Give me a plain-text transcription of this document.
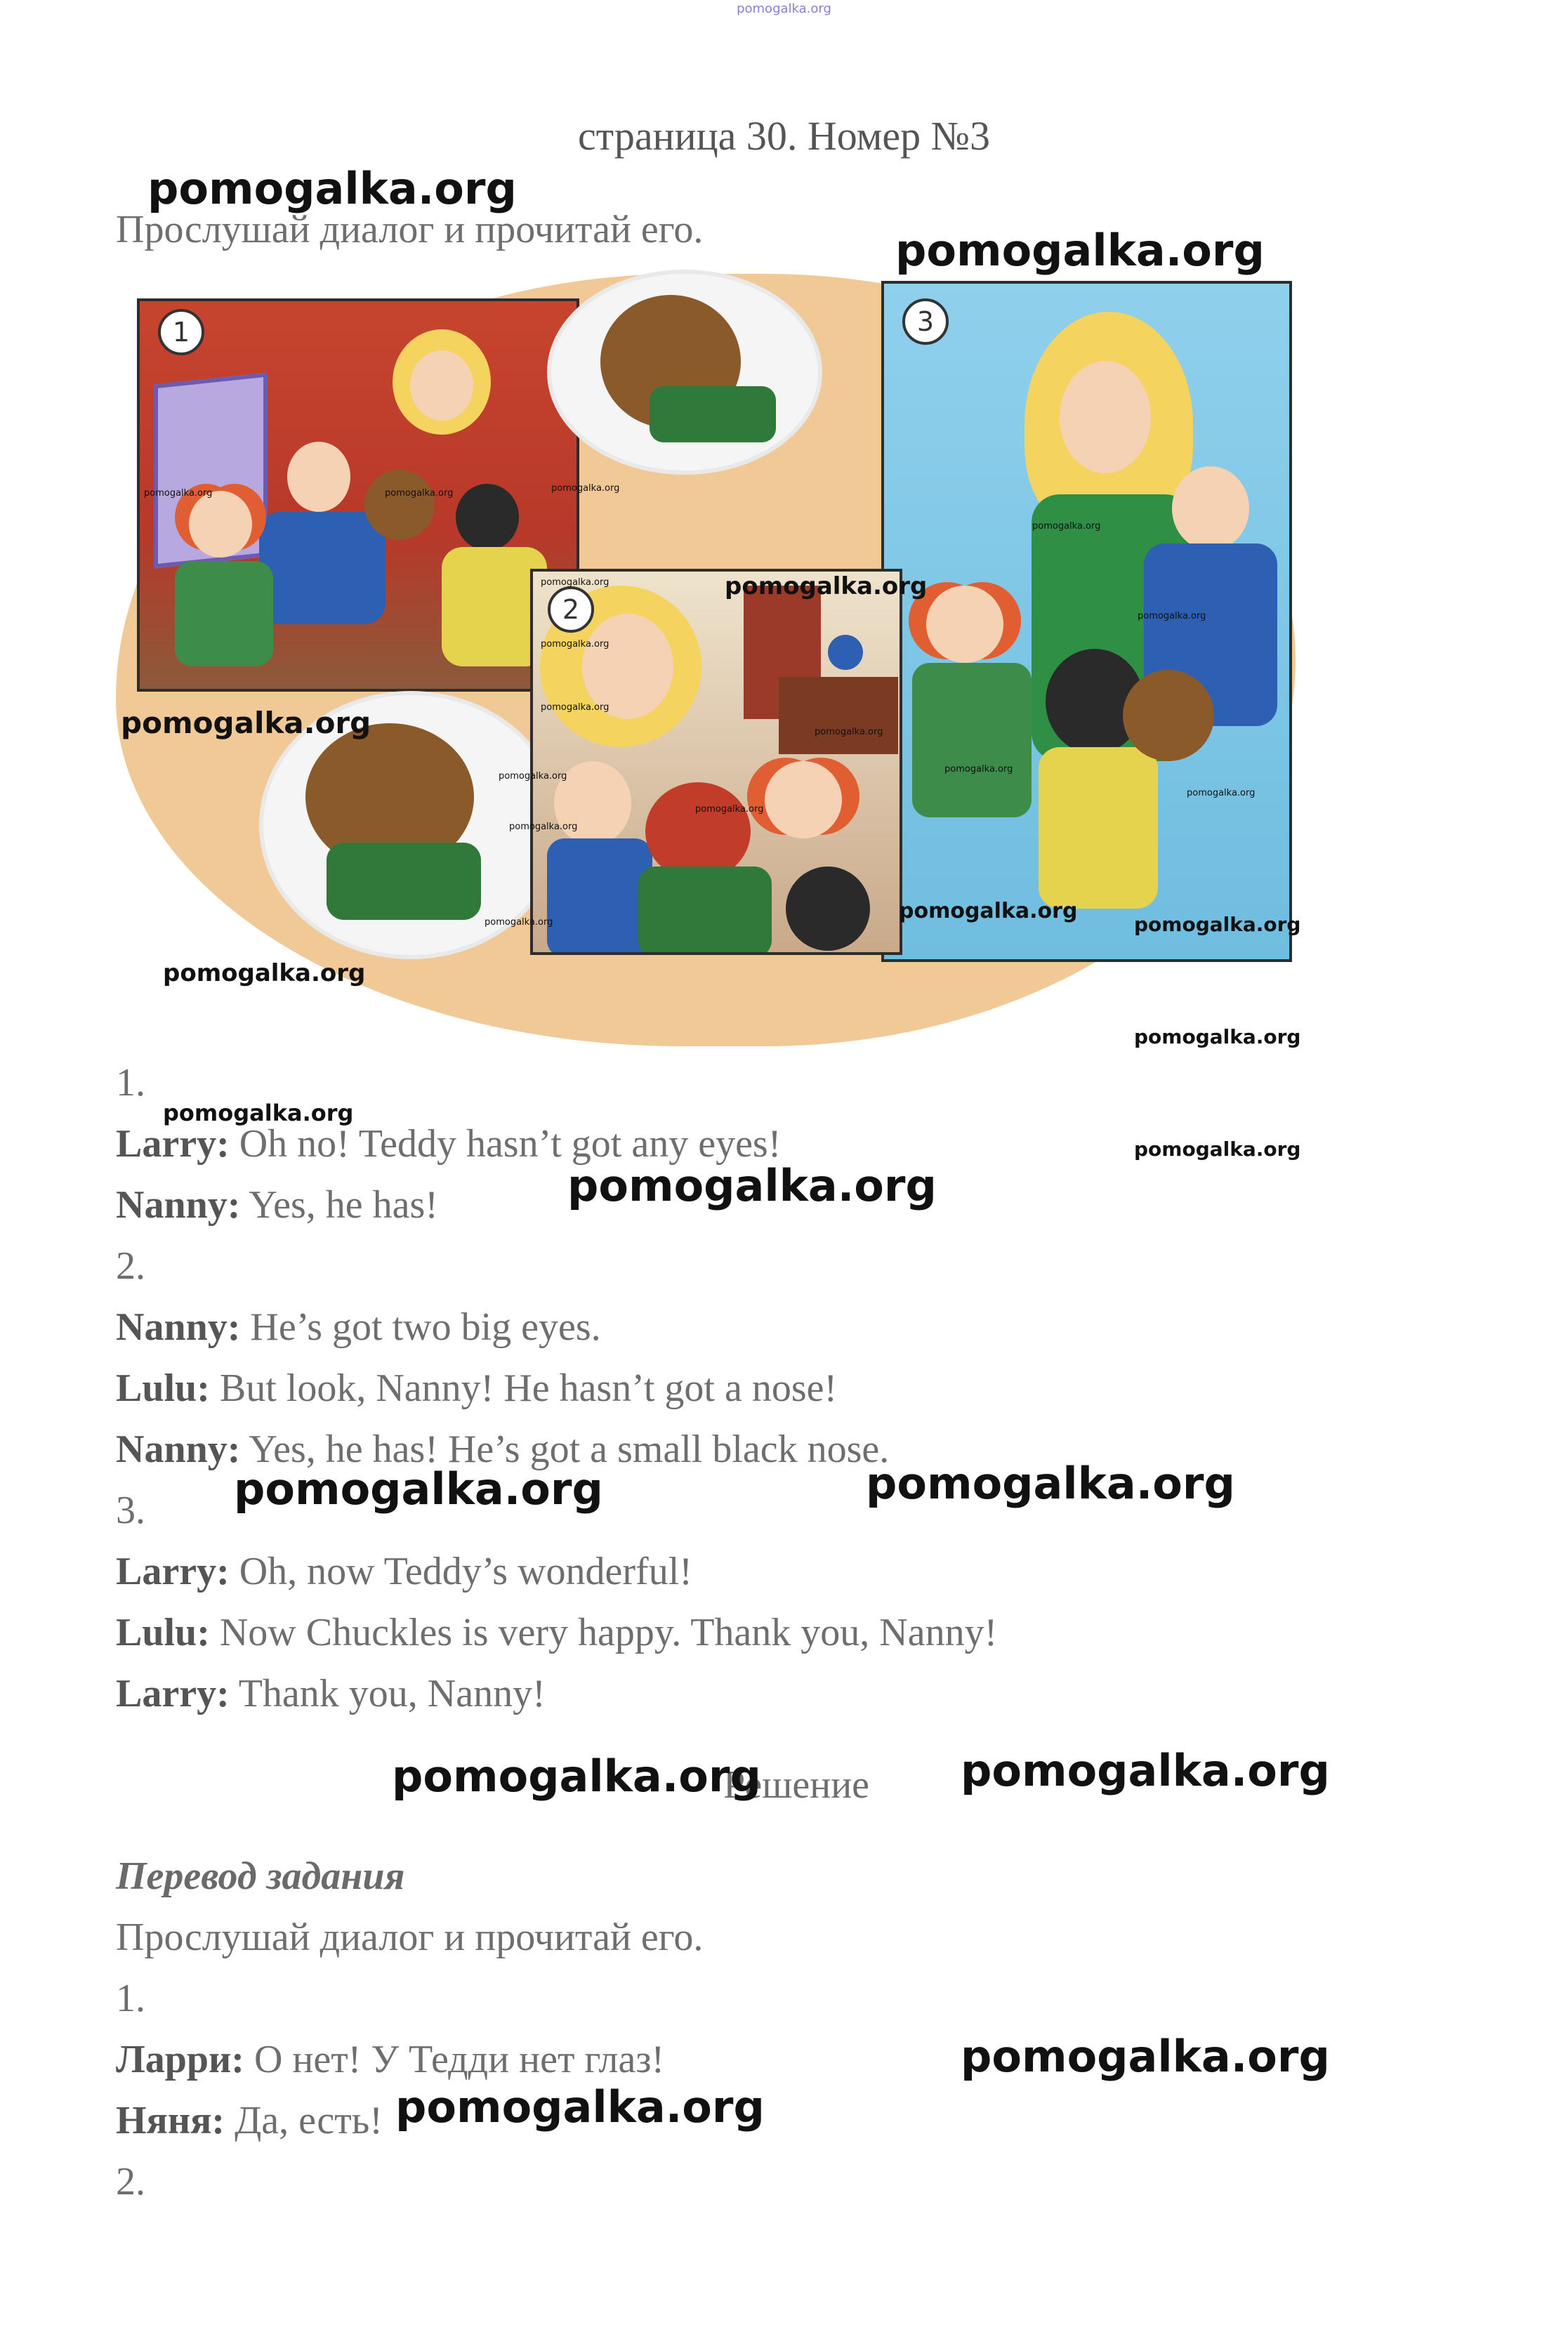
pomogalka.org
страница 30. Номер №3
Прослушай диалог и прочитай его.
1	3
2
1.
Larry: Oh no! Teddy hasn’t got any eyes!
Nanny: Yes, he has!
2.
Nanny: He’s got two big eyes.
Lulu: But look, Nanny! He hasn’t got a nose!
Nanny: Yes, he has! He’s got a small black nose.
3.
Larry: Oh, now Teddy’s wonderful!
Lulu: Now Chuckles is very happy. Thank you, Nanny!
Larry: Thank you, Nanny!
Решение
Перевод задания
Прослушай диалог и прочитай его.
1.
Ларри: О нет! У Тедди нет глаз!
Няня: Да, есть!
2.
pomogalka.org
pomogalka.org
pomogalka.org
pomogalka.org
pomogalka.org
pomogalka.org
pomogalka.org
pomogalka.org
pomogalka.org
pomogalka.org
pomogalka.org
pomogalka.org	pomogalka.org
pomogalka.org	pomogalka.org
pomogalka.org
pomogalka.org
pomogalka.org	pomogalka.org	pomogalka.org
pomogalka.org
pomogalka.org
pomogalka.org
pomogalka.org
pomogalka.org
pomogalka.org
pomogalka.org
pomogalka.org
pomogalka.org
pomogalka.org
pomogalka.org
pomogalka.org
